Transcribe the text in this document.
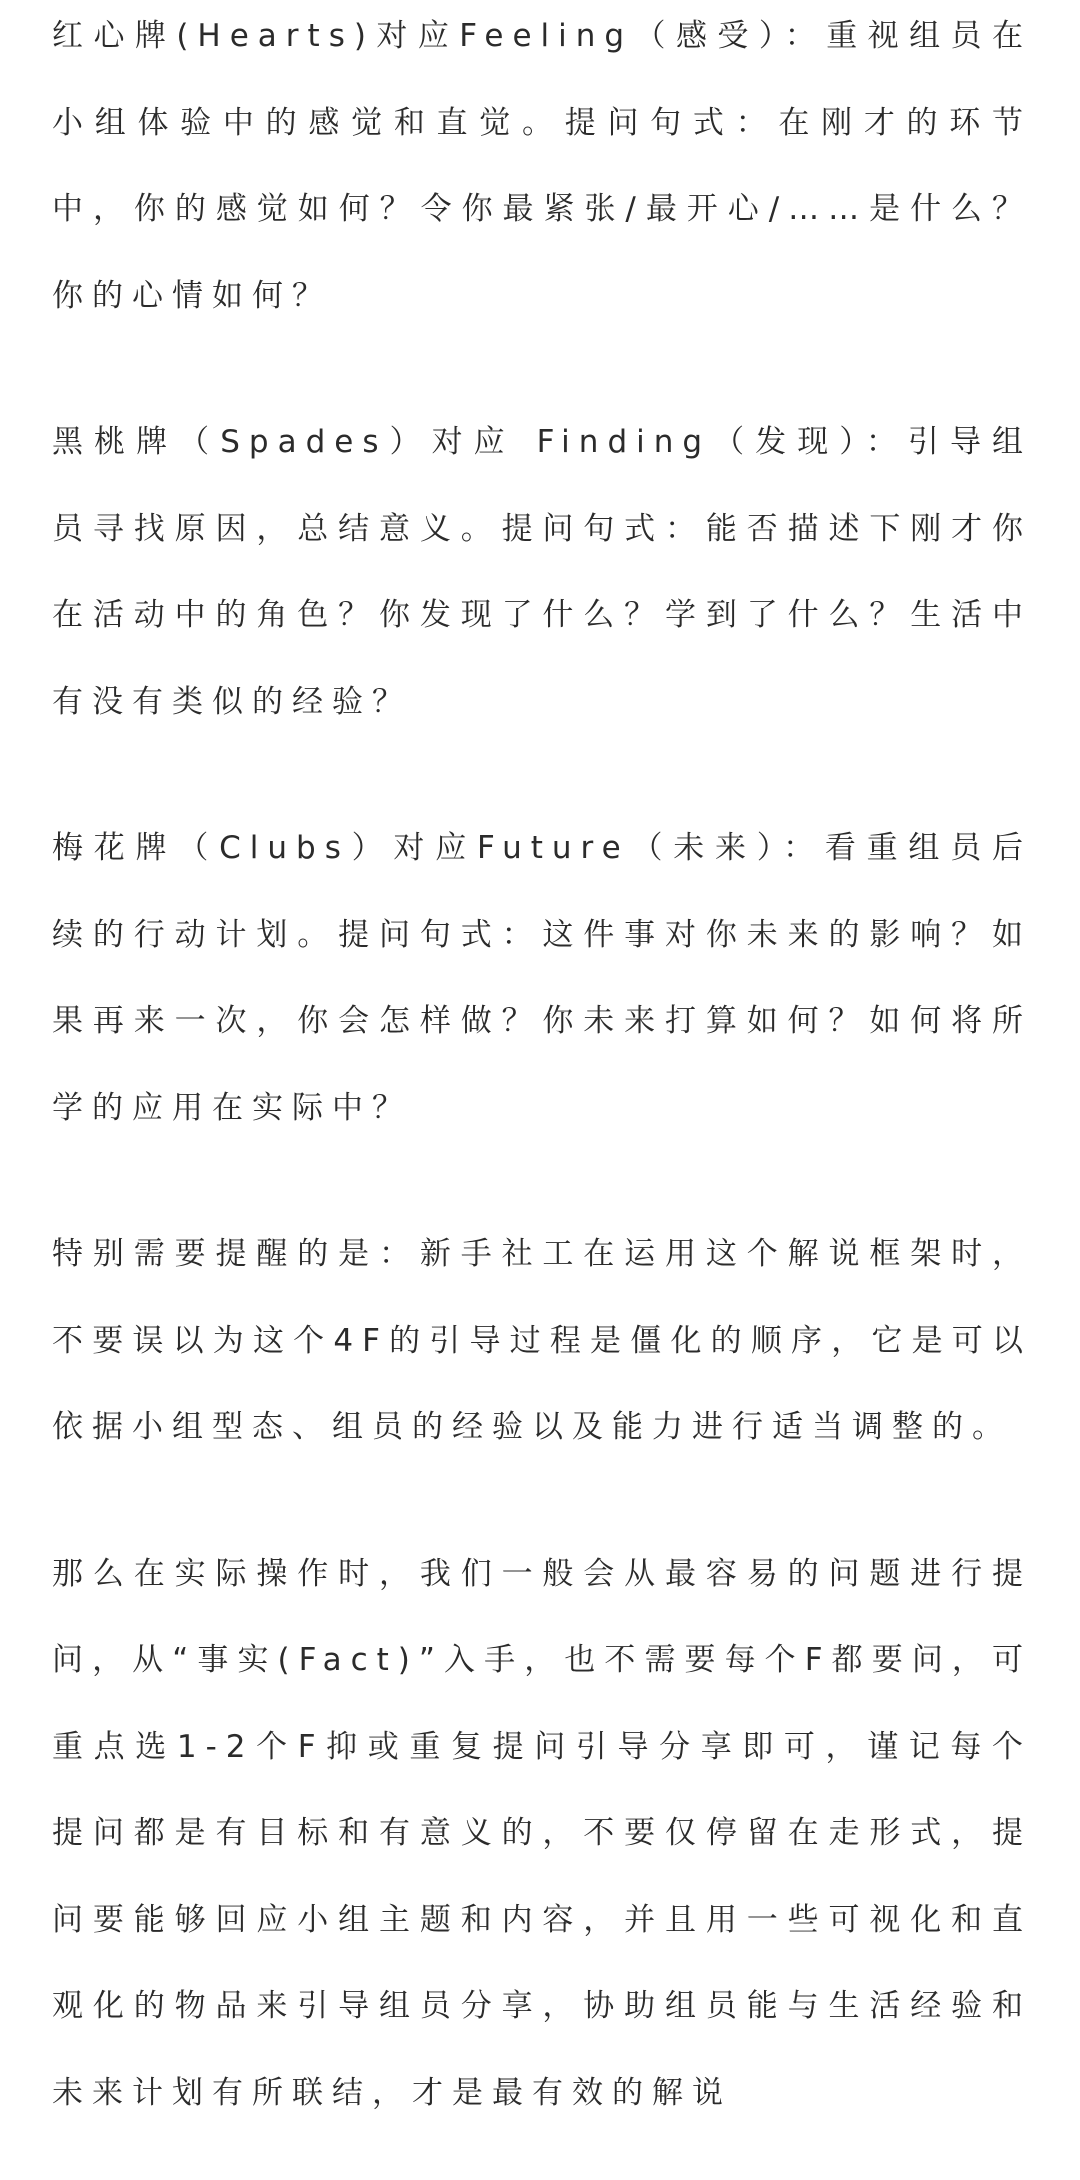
红心牌(Hearts)对应Feeling（感受）：重视组员在小组体验中的感觉和直觉。提问句式：在刚才的环节中，你的感觉如何？令你最紧张/最开心/……是什么？你的心情如何？

黑桃牌（Spades）对应 Finding（发现）：引导组员寻找原因，总结意义。提问句式：能否描述下刚才你在活动中的角色？你发现了什么？学到了什么？生活中有没有类似的经验？

梅花牌（Clubs）对应Future（未来）：看重组员后续的行动计划。提问句式：这件事对你未来的影响？如果再来一次，你会怎样做？你未来打算如何？如何将所学的应用在实际中？

特别需要提醒的是：新手社工在运用这个解说框架时，不要误以为这个4F的引导过程是僵化的顺序，它是可以依据小组型态、组员的经验以及能力进行适当调整的。

那么在实际操作时，我们一般会从最容易的问题进行提问，从“事实(Fact)”入手，也不需要每个F都要问，可重点选1-2个F抑或重复提问引导分享即可，谨记每个提问都是有目标和有意义的，不要仅停留在走形式，提问要能够回应小组主题和内容，并且用一些可视化和直观化的物品来引导组员分享，协助组员能与生活经验和未来计划有所联结，才是最有效的解说
